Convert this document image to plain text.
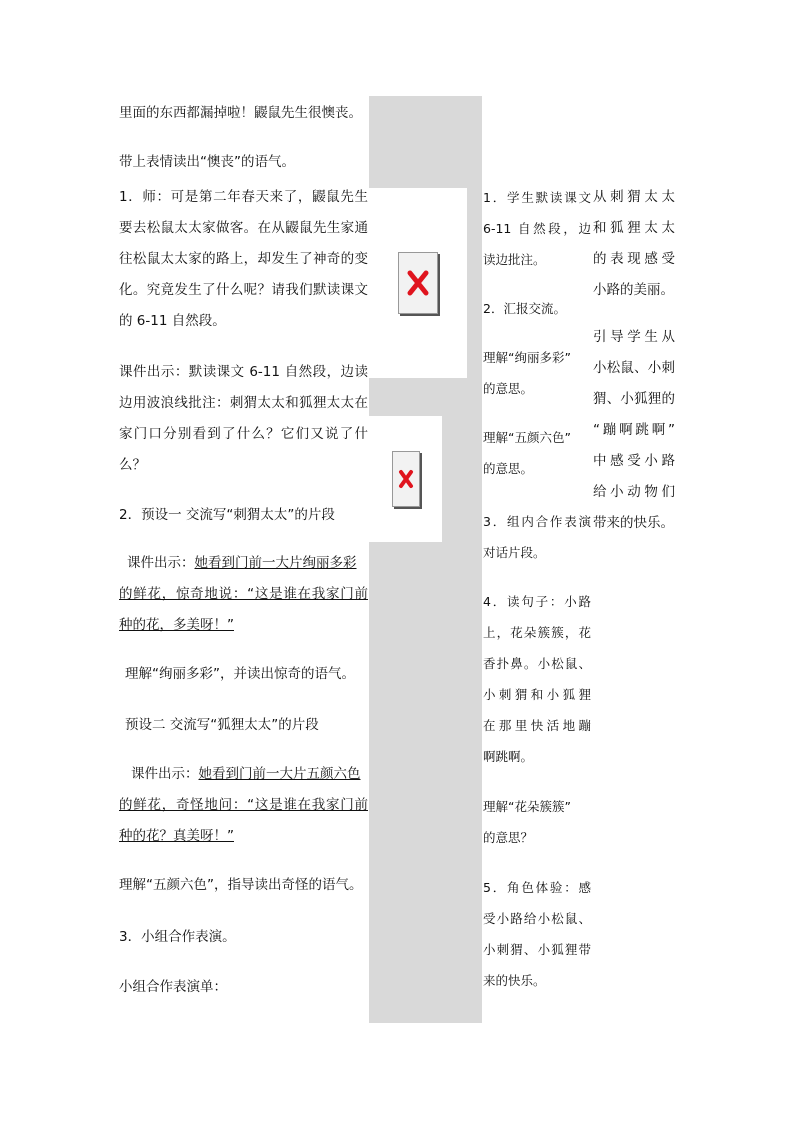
里面的东西都漏掉啦！鼹鼠先生很懊丧。

带上表情读出“懊丧”的语气。

1．师：可是第二年春天来了，鼹鼠先生

要去松鼠太太家做客。在从鼹鼠先生家通

往松鼠太太家的路上，却发生了神奇的变

化。究竟发生了什么呢？请我们默读课文

的 6-11 自然段。

课件出示：默读课文 6-11 自然段，边读

边用波浪线批注：刺猬太太和狐狸太太在

家门口分别看到了什么？它们又说了什

么？

2．预设一 交流写“刺猬太太”的片段

课件出示：她看到门前一大片绚丽多彩

的鲜花，惊奇地说：“这是谁在我家门前

种的花，多美呀！”

理解“绚丽多彩”，并读出惊奇的语气。

预设二 交流写“狐狸太太”的片段

课件出示：她看到门前一大片五颜六色

的鲜花，奇怪地问：“这是谁在我家门前

种的花？真美呀！”

理解“五颜六色”，指导读出奇怪的语气。

3．小组合作表演。

小组合作表演单：

1．学生默读课文

6-11 自然段，边

读边批注。

2．汇报交流。

理解“绚丽多彩”

的意思。

理解“五颜六色”

的意思。

3．组内合作表演

对话片段。

4．读句子：小路

上，花朵簇簇，花

香扑鼻。小松鼠、

小刺猬和小狐狸

在那里快活地蹦

啊跳啊。

理解“花朵簇簇”

的意思？

5．角色体验：感

受小路给小松鼠、

小刺猬、小狐狸带

来的快乐。

从刺猬太太

和狐狸太太

的表现感受

小路的美丽。

引导学生从

小松鼠、小刺

猬、小狐狸的

“蹦啊跳啊”

中感受小路

给小动物们

带来的快乐。
